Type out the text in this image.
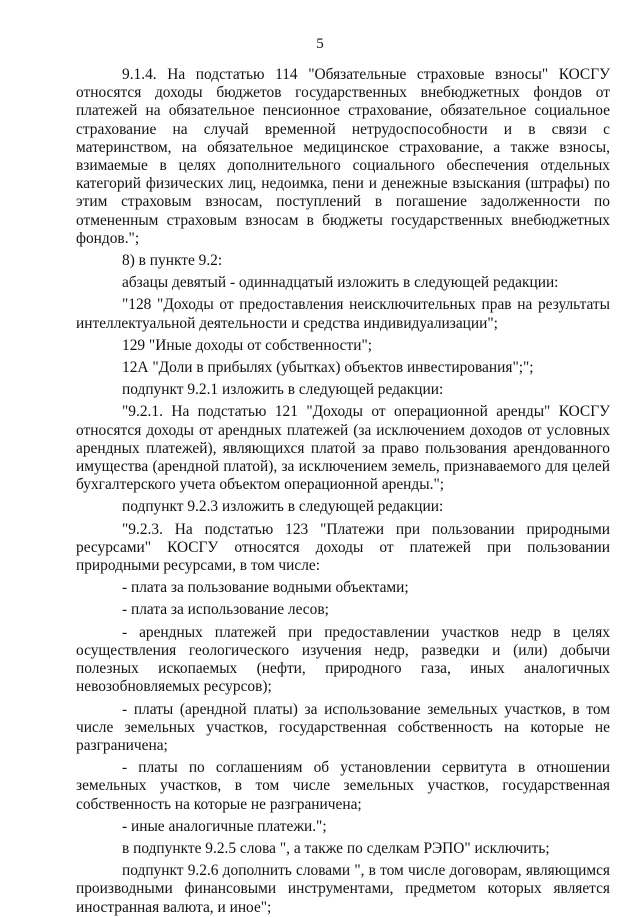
5

9.1.4. На подстатью 114 "Обязательные страховые взносы" КОСГУ относятся доходы бюджетов государственных внебюджетных фондов от платежей на обязательное пенсионное страхование, обязательное социальное страхование на случай временной нетрудоспособности и в связи с материнством, на обязательное медицинское страхование, а также взносы, взимаемые в целях дополнительного социального обеспечения отдельных категорий физических лиц, недоимка, пени и денежные взыскания (штрафы) по этим страховым взносам, поступлений в погашение задолженности по отмененным страховым взносам в бюджеты государственных внебюджетных фондов.";

8) в пункте 9.2:

абзацы девятый - одиннадцатый изложить в следующей редакции:

"128 "Доходы от предоставления неисключительных прав на результаты интеллектуальной деятельности и средства индивидуализации";

129 "Иные доходы от собственности";

12А "Доли в прибылях (убытках) объектов инвестирования";";

подпункт 9.2.1 изложить в следующей редакции:

"9.2.1. На подстатью 121 "Доходы от операционной аренды" КОСГУ относятся доходы от арендных платежей (за исключением доходов от условных арендных платежей), являющихся платой за право пользования арендованного имущества (арендной платой), за исключением земель, признаваемого для целей бухгалтерского учета объектом операционной аренды.";

подпункт 9.2.3 изложить в следующей редакции:

"9.2.3. На подстатью 123 "Платежи при пользовании природными ресурсами" КОСГУ относятся доходы от платежей при пользовании природными ресурсами, в том числе:

- плата за пользование водными объектами;

- плата за использование лесов;

- арендных платежей при предоставлении участков недр в целях осуществления геологического изучения недр, разведки и (или) добычи полезных ископаемых (нефти, природного газа, иных аналогичных невозобновляемых ресурсов);

- платы (арендной платы) за использование земельных участков, в том числе земельных участков, государственная собственность на которые не разграничена;

- платы по соглашениям об установлении сервитута в отношении земельных участков, в том числе земельных участков, государственная собственность на которые не разграничена;

- иные аналогичные платежи.";

в подпункте 9.2.5 слова ", а также по сделкам РЭПО" исключить;

подпункт 9.2.6 дополнить словами ", в том числе договорам, являющимся производными финансовыми инструментами, предметом которых является иностранная валюта, и иное";
